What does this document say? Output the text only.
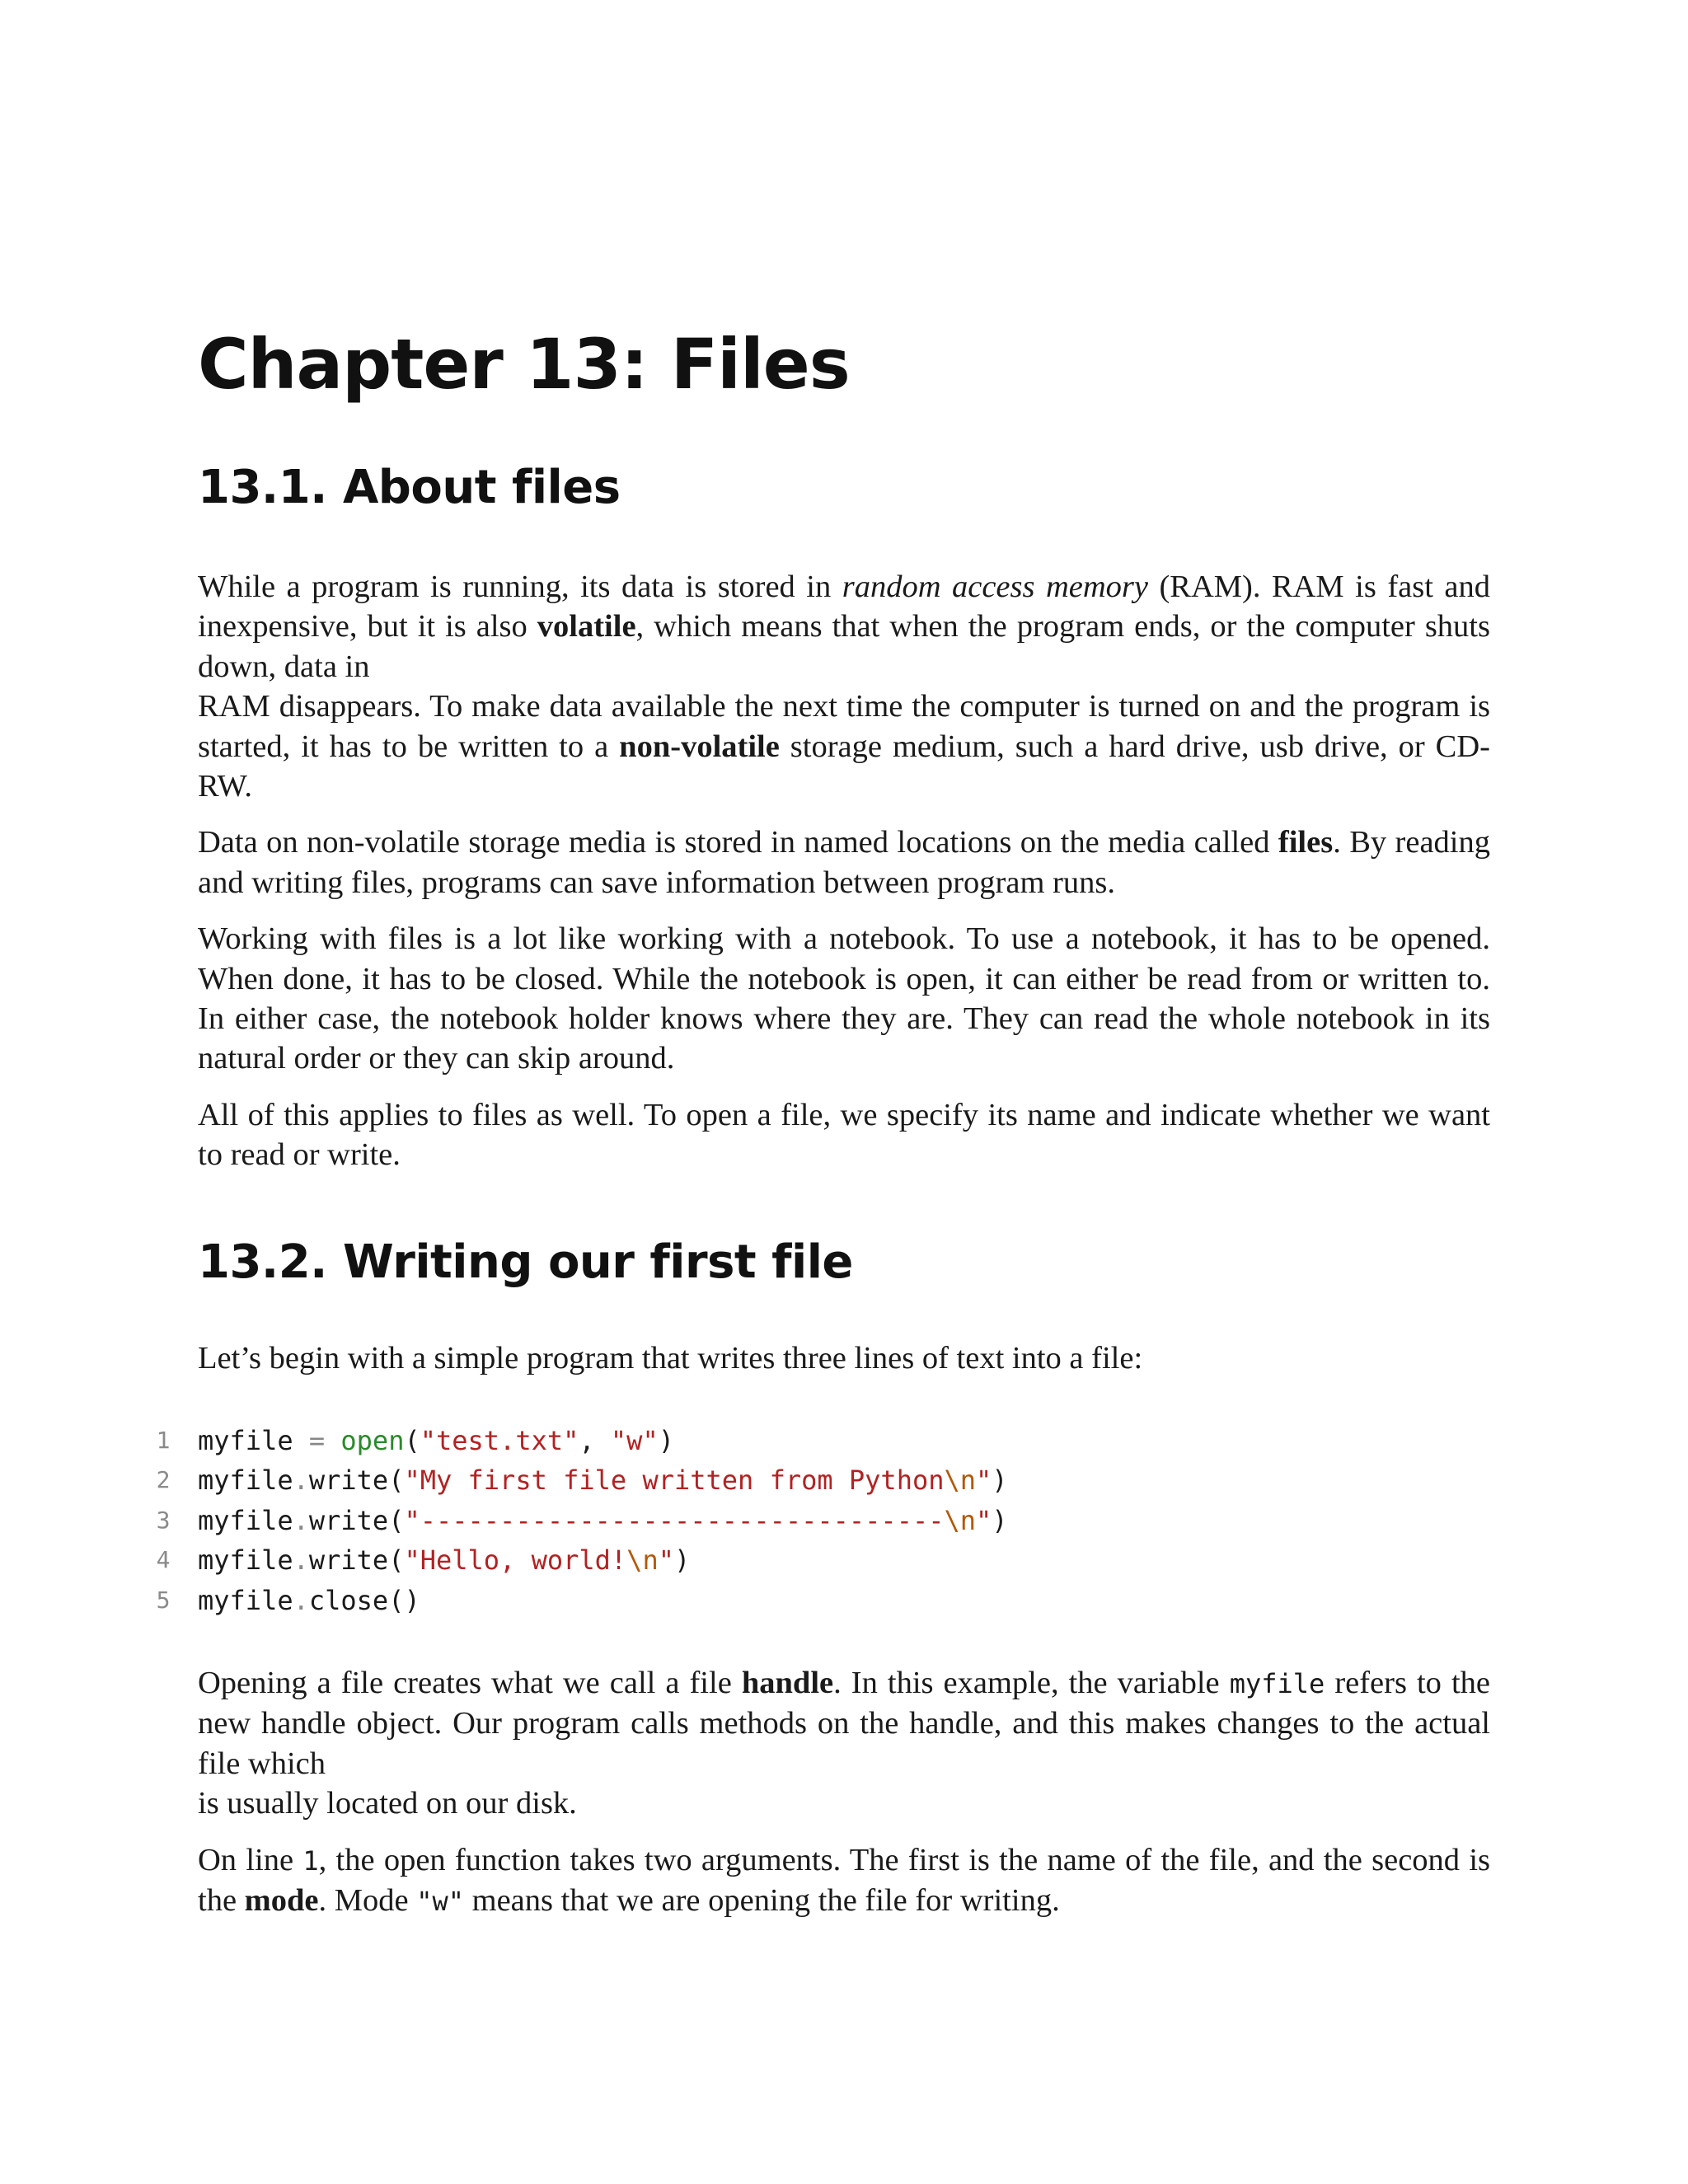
Chapter 13: Files
13.1. About files

While a program is running, its data is stored in random access memory (RAM). RAM is fast and inexpensive, but it is also volatile, which means that when the program ends, or the computer shuts down, data in
RAM disappears. To make data available the next time the computer is turned on and the program is started, it has to be written to a non-volatile storage medium, such a hard drive, usb drive, or CD-RW.

Data on non-volatile storage media is stored in named locations on the media called files. By reading and writing files, programs can save information between program runs.

Working with files is a lot like working with a notebook. To use a notebook, it has to be opened. When done, it has to be closed. While the notebook is open, it can either be read from or written to. In either case, the notebook holder knows where they are. They can read the whole notebook in its natural order or they can skip around.

All of this applies to files as well. To open a file, we specify its name and indicate whether we want to read or write.

13.2. Writing our first file

Let’s begin with a simple program that writes three lines of text into a file:

1	myfile = open("test.txt", "w")
2	myfile.write("My first file written from Python\n")
3	myfile.write("---------------------------------\n")
4	myfile.write("Hello, world!\n")
5	myfile.close()

Opening a file creates what we call a file handle. In this example, the variable myfile refers to the new handle object. Our program calls methods on the handle, and this makes changes to the actual file which
is usually located on our disk.

On line 1, the open function takes two arguments. The first is the name of the file, and the second is the mode. Mode "w" means that we are opening the file for writing.
